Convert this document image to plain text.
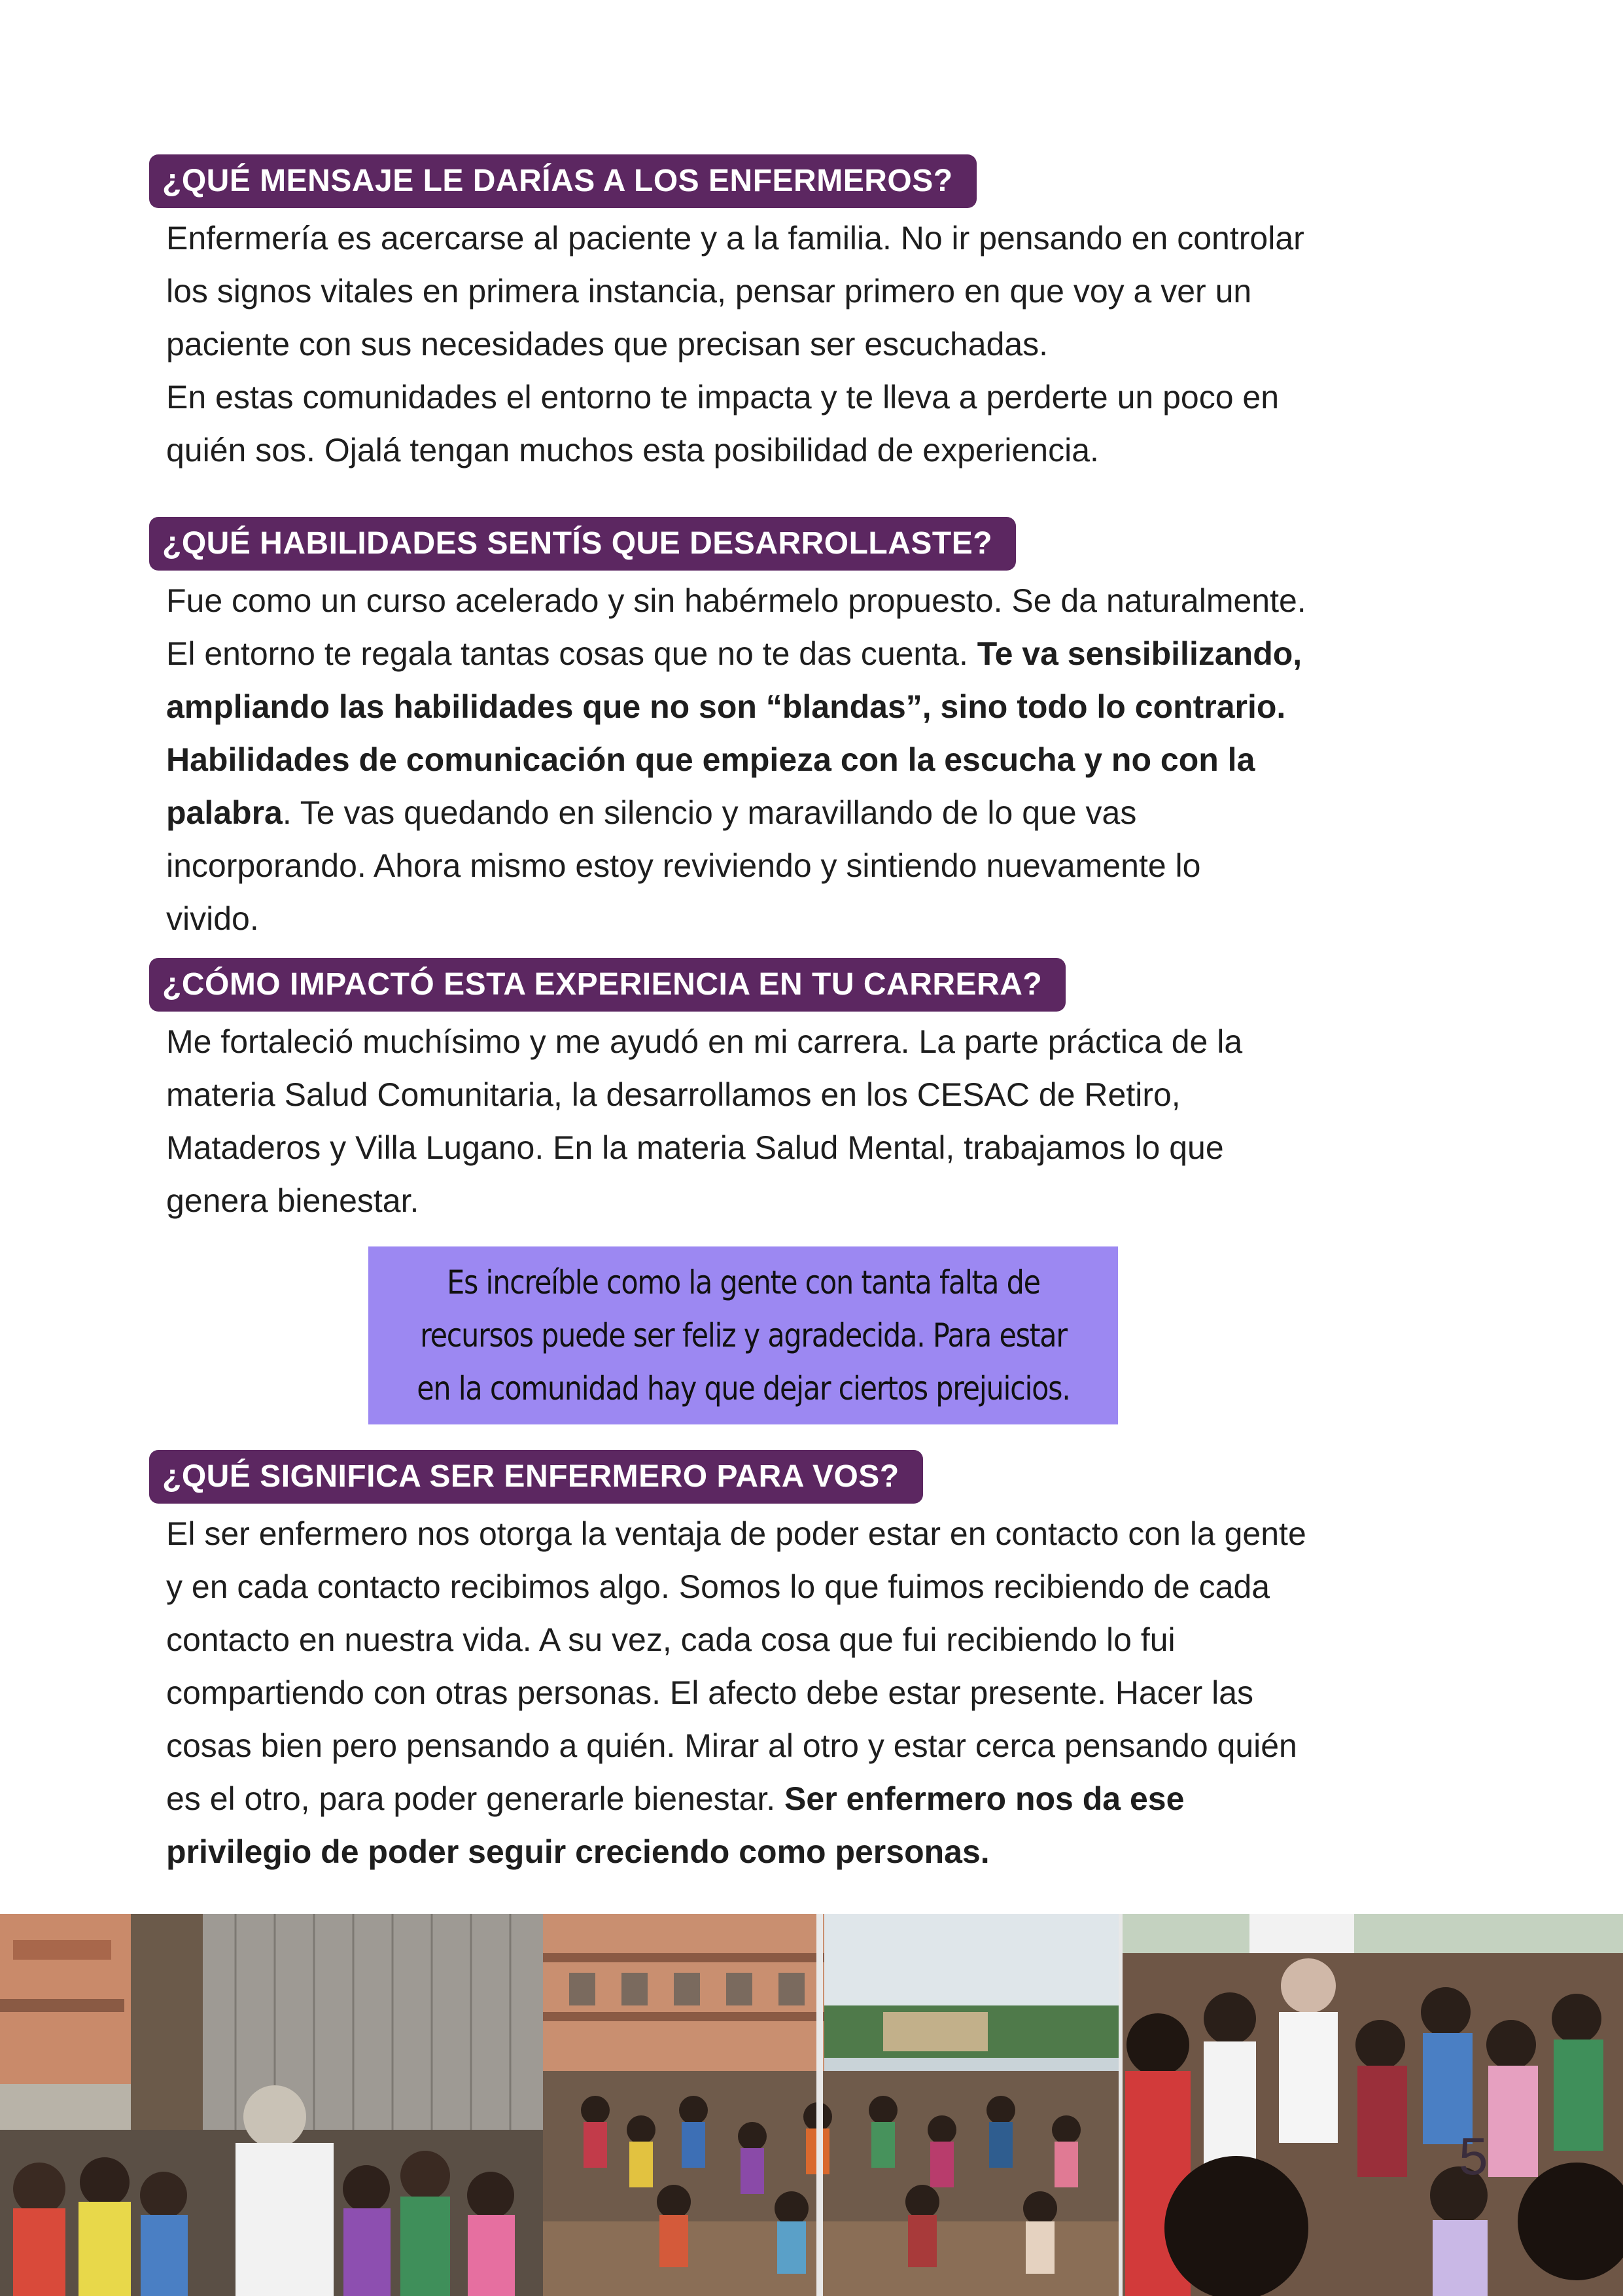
¿QUÉ MENSAJE LE DARÍAS A LOS ENFERMEROS?
Enfermería es acercarse al paciente y a la familia. No ir pensando en controlar
los signos vitales en primera instancia, pensar primero en que voy a ver un
paciente con sus necesidades que precisan ser escuchadas.
En estas comunidades el entorno te impacta y te lleva a perderte un poco en
quién sos. Ojalá tengan muchos esta posibilidad de experiencia.
¿QUÉ HABILIDADES SENTÍS QUE DESARROLLASTE?
Fue como un curso acelerado y sin habérmelo propuesto. Se da naturalmente.
El entorno te regala tantas cosas que no te das cuenta. Te va sensibilizando,
ampliando las habilidades que no son “blandas”, sino todo lo contrario.
Habilidades de comunicación que empieza con la escucha y no con la
palabra. Te vas quedando en silencio y maravillando de lo que vas
incorporando. Ahora mismo estoy reviviendo y sintiendo nuevamente lo
vivido.
¿CÓMO IMPACTÓ ESTA EXPERIENCIA EN TU CARRERA?
Me fortaleció muchísimo y me ayudó en mi carrera. La parte práctica de la
materia Salud Comunitaria, la desarrollamos en los CESAC de Retiro,
Mataderos y Villa Lugano. En la materia Salud Mental, trabajamos lo que
genera bienestar.
Es increíble como la gente con tanta falta de
recursos puede ser feliz y agradecida. Para estar
en la comunidad hay que dejar ciertos prejuicios.
¿QUÉ SIGNIFICA SER ENFERMERO PARA VOS?
El ser enfermero nos otorga la ventaja de poder estar en contacto con la gente
y en cada contacto recibimos algo. Somos lo que fuimos recibiendo de cada
contacto en nuestra vida. A su vez, cada cosa que fui recibiendo lo fui
compartiendo con otras personas. El afecto debe estar presente. Hacer las
cosas bien pero pensando a quién. Mirar al otro y estar cerca pensando quién
es el otro, para poder generarle bienestar. Ser enfermero nos da ese
privilegio de poder seguir creciendo como personas.
5
